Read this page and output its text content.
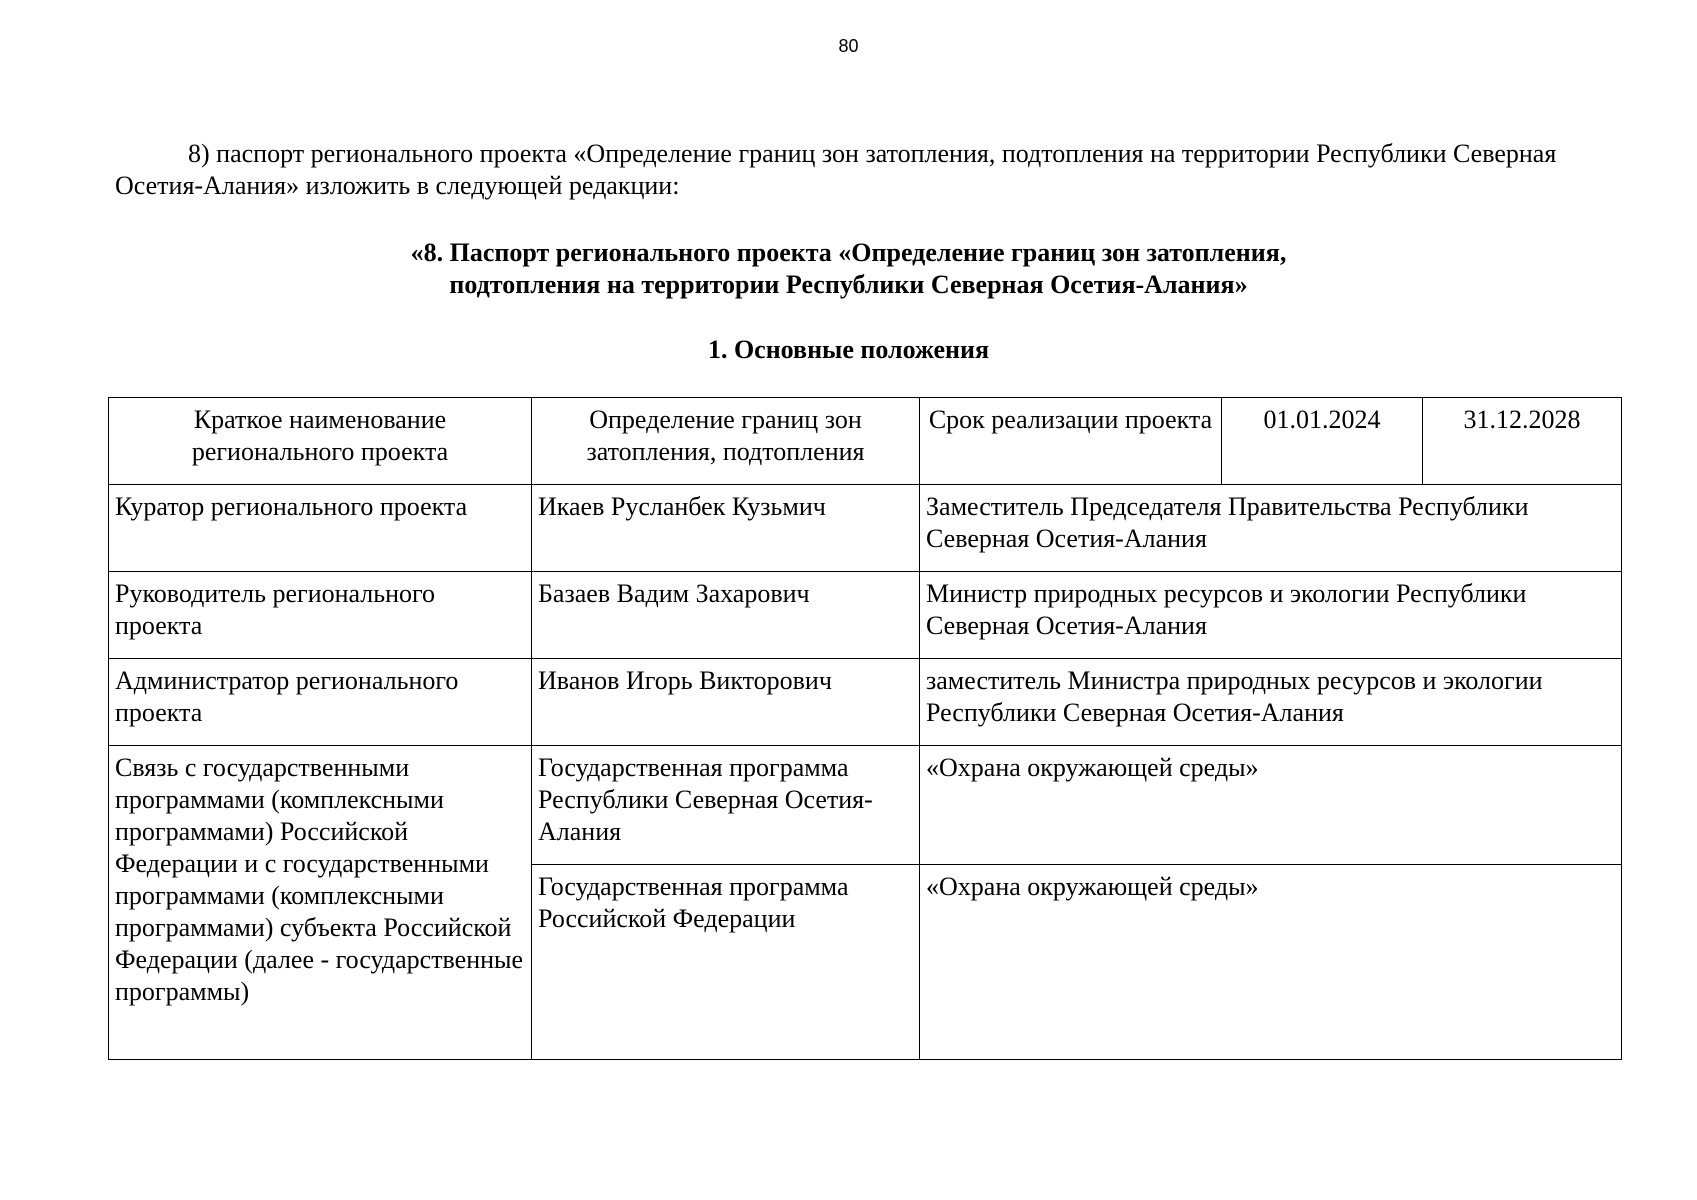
80

8) паспорт регионального проекта «Определение границ зон затопления, подтопления на территории Республики Северная Осетия-Алания» изложить в следующей редакции:

«8. Паспорт регионального проекта «Определение границ зон затопления,
подтопления на территории Республики Северная Осетия-Алания»
1. Основные положения
Краткое наименование регионального проекта	Определение границ зон затопления, подтопления	Срок реализации проекта	01.01.2024	31.12.2028
Куратор регионального проекта	Икаев Русланбек Кузьмич	Заместитель Председателя Правительства Республики Северная Осетия-Алания		
Руководитель регионального проекта	Базаев Вадим Захарович	Министр природных ресурсов и экологии Республики Северная Осетия-Алания		
Администратор регионального проекта	Иванов Игорь Викторович	заместитель Министра природных ресурсов и экологии Республики Северная Осетия-Алания		
Связь с государственными программами (комплексными программами) Российской Федерации и с государственными программами (комплексными программами) субъекта Российской Федерации (далее - государственные программы)	Государственная программа Республики Северная Осетия-Алания	«Охрана окружающей среды»		
	Государственная программа Российской Федерации	«Охрана окружающей среды»		
